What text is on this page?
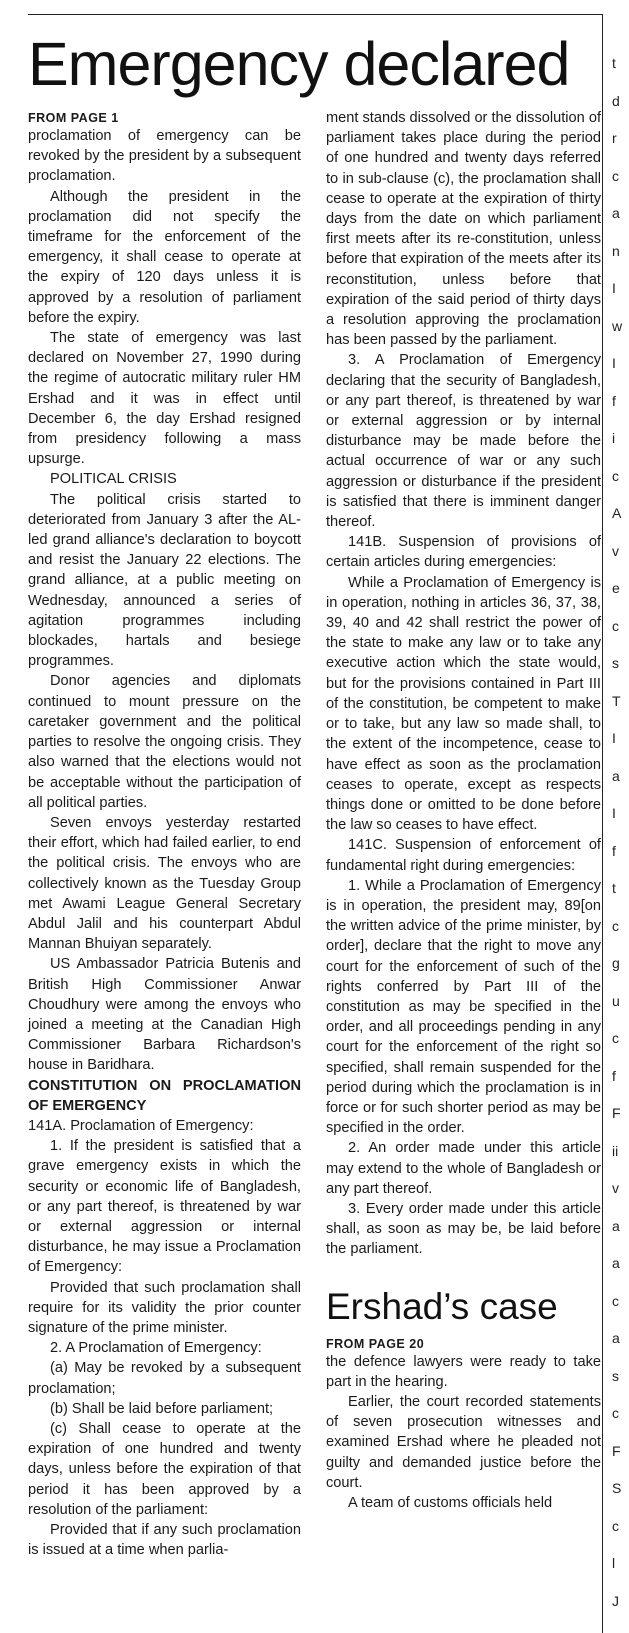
Emergency declared

FROM PAGE 1

proclamation of emergency can be revoked by the president by a subsequent proclamation.

Although the president in the proclamation did not specify the timeframe for the enforcement of the emergency, it shall cease to operate at the expiry of 120 days unless it is approved by a resolution of parliament before the expiry.

The state of emergency was last declared on November 27, 1990 during the regime of autocratic military ruler HM Ershad and it was in effect until December 6, the day Ershad resigned from presidency following a mass upsurge.

POLITICAL CRISIS

The political crisis started to deteriorated from January 3 after the AL-led grand alliance's declaration to boycott and resist the January 22 elections. The grand alliance, at a public meeting on Wednesday, announced a series of agitation programmes including blockades, hartals and besiege programmes.

Donor agencies and diplomats continued to mount pressure on the caretaker government and the political parties to resolve the ongoing crisis. They also warned that the elections would not be acceptable without the participation of all political parties.

Seven envoys yesterday restarted their effort, which had failed earlier, to end the political crisis. The envoys who are collectively known as the Tuesday Group met Awami League General Secretary Abdul Jalil and his counterpart Abdul Mannan Bhuiyan separately.

US Ambassador Patricia Butenis and British High Commissioner Anwar Choudhury were among the envoys who joined a meeting at the Canadian High Commissioner Barbara Richardson's house in Baridhara.

CONSTITUTION ON PROCLAMATION OF EMERGENCY

141A. Proclamation of Emergency:

1. If the president is satisfied that a grave emergency exists in which the security or economic life of Bangladesh, or any part thereof, is threatened by war or external aggression or internal disturbance, he may issue a Proclamation of Emergency:

Provided that such proclamation shall require for its validity the prior counter signature of the prime minister.

2. A Proclamation of Emergency:

(a) May be revoked by a subsequent proclamation;

(b) Shall be laid before parliament;

(c) Shall cease to operate at the expiration of one hundred and twenty days, unless before the expiration of that period it has been approved by a resolution of the parliament:

Provided that if any such proclamation is issued at a time when parlia-

ment stands dissolved or the dissolution of parliament takes place during the period of one hundred and twenty days referred to in sub-clause (c), the proclamation shall cease to operate at the expiration of thirty days from the date on which parliament first meets after its re-constitution, unless before that expiration of the meets after its reconstitution, unless before that expiration of the said period of thirty days a resolution approving the proclamation has been passed by the parliament.

3. A Proclamation of Emergency declaring that the security of Bangladesh, or any part thereof, is threatened by war or external aggression or by internal disturbance may be made before the actual occurrence of war or any such aggression or disturbance if the president is satisfied that there is imminent danger thereof.

141B. Suspension of provisions of certain articles during emergencies:

While a Proclamation of Emergency is in operation, nothing in articles 36, 37, 38, 39, 40 and 42 shall restrict the power of the state to make any law or to take any executive action which the state would, but for the provisions contained in Part III of the constitution, be competent to make or to take, but any law so made shall, to the extent of the incompetence, cease to have effect as soon as the proclamation ceases to operate, except as respects things done or omitted to be done before the law so ceases to have effect.

141C. Suspension of enforcement of fundamental right during emergencies:

1. While a Proclamation of Emergency is in operation, the president may, 89[on the written advice of the prime minister, by order], declare that the right to move any court for the enforcement of such of the rights conferred by Part III of the constitution as may be specified in the order, and all proceedings pending in any court for the enforcement of the right so specified, shall remain suspended for the period during which the proclamation is in force or for such shorter period as may be specified in the order.

2. An order made under this article may extend to the whole of Bangladesh or any part thereof.

3. Every order made under this article shall, as soon as may be, be laid before the parliament.

Ershad’s case

FROM PAGE 20

the defence lawyers were ready to take part in the hearing.

Earlier, the court recorded statements of seven prosecution witnesses and examined Ershad where he pleaded not guilty and demanded justice before the court.

A team of customs officials held

t
d
r
c
a
n
I
w
I
f
i
c
A
v
e
c
s
T
I
a
I
f
t
c
g
u
c
f
F
ii
v
a
a
c
a
s
c
F
S
c
l
J
